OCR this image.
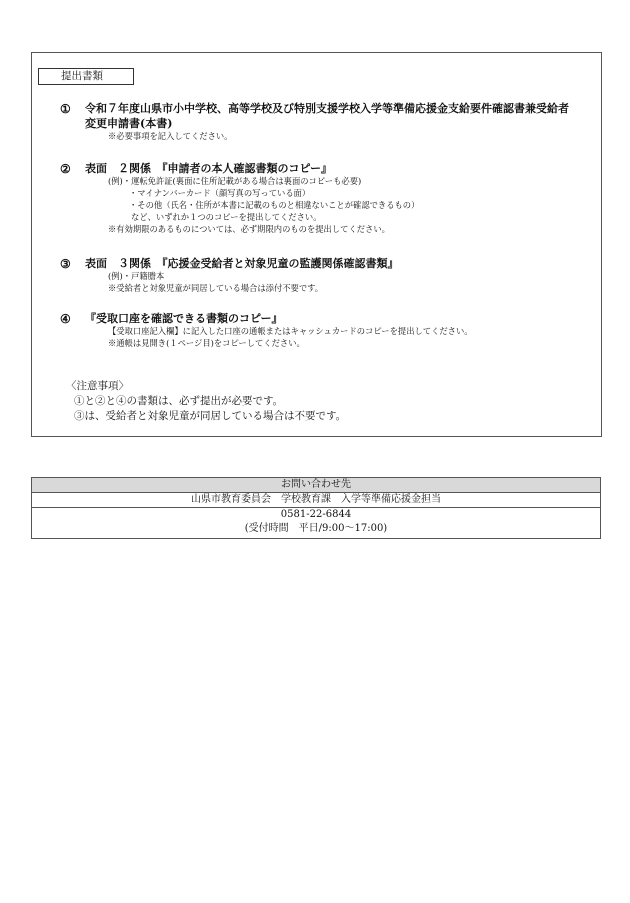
提出書類
① 令和７年度山県市小中学校、高等学校及び特別支援学校入学等準備応援金支給要件確認書兼受給者
変更申請書(本書)
※必要事項を記入してください。
② 表面　２関係　『申請者の本人確認書類のコピー』
(例)・運転免許証(裏面に住所記載がある場合は裏面のコピーも必要)
・マイナンバーカード（顔写真の写っている面）
・その他（氏名・住所が本書に記載のものと相違ないことが確認できるもの）
など、いずれか１つのコピーを提出してください。
※有効期限のあるものについては、必ず期限内のものを提出してください。
③ 表面　３関係　『応援金受給者と対象児童の監護関係確認書類』
(例)・戸籍謄本
※受給者と対象児童が同居している場合は添付不要です。
④ 『受取口座を確認できる書類のコピー』
【受取口座記入欄】に記入した口座の通帳またはキャッシュカードのコピーを提出してください。
※通帳は見開き(１ページ目)をコピーしてください。
〈注意事項〉
①と②と④の書類は、必ず提出が必要です。
③は、受給者と対象児童が同居している場合は不要です。
お問い合わせ先
山県市教育委員会　学校教育課　入学等準備応援金担当
0581-22-6844
(受付時間　平日/9:00～17:00)
